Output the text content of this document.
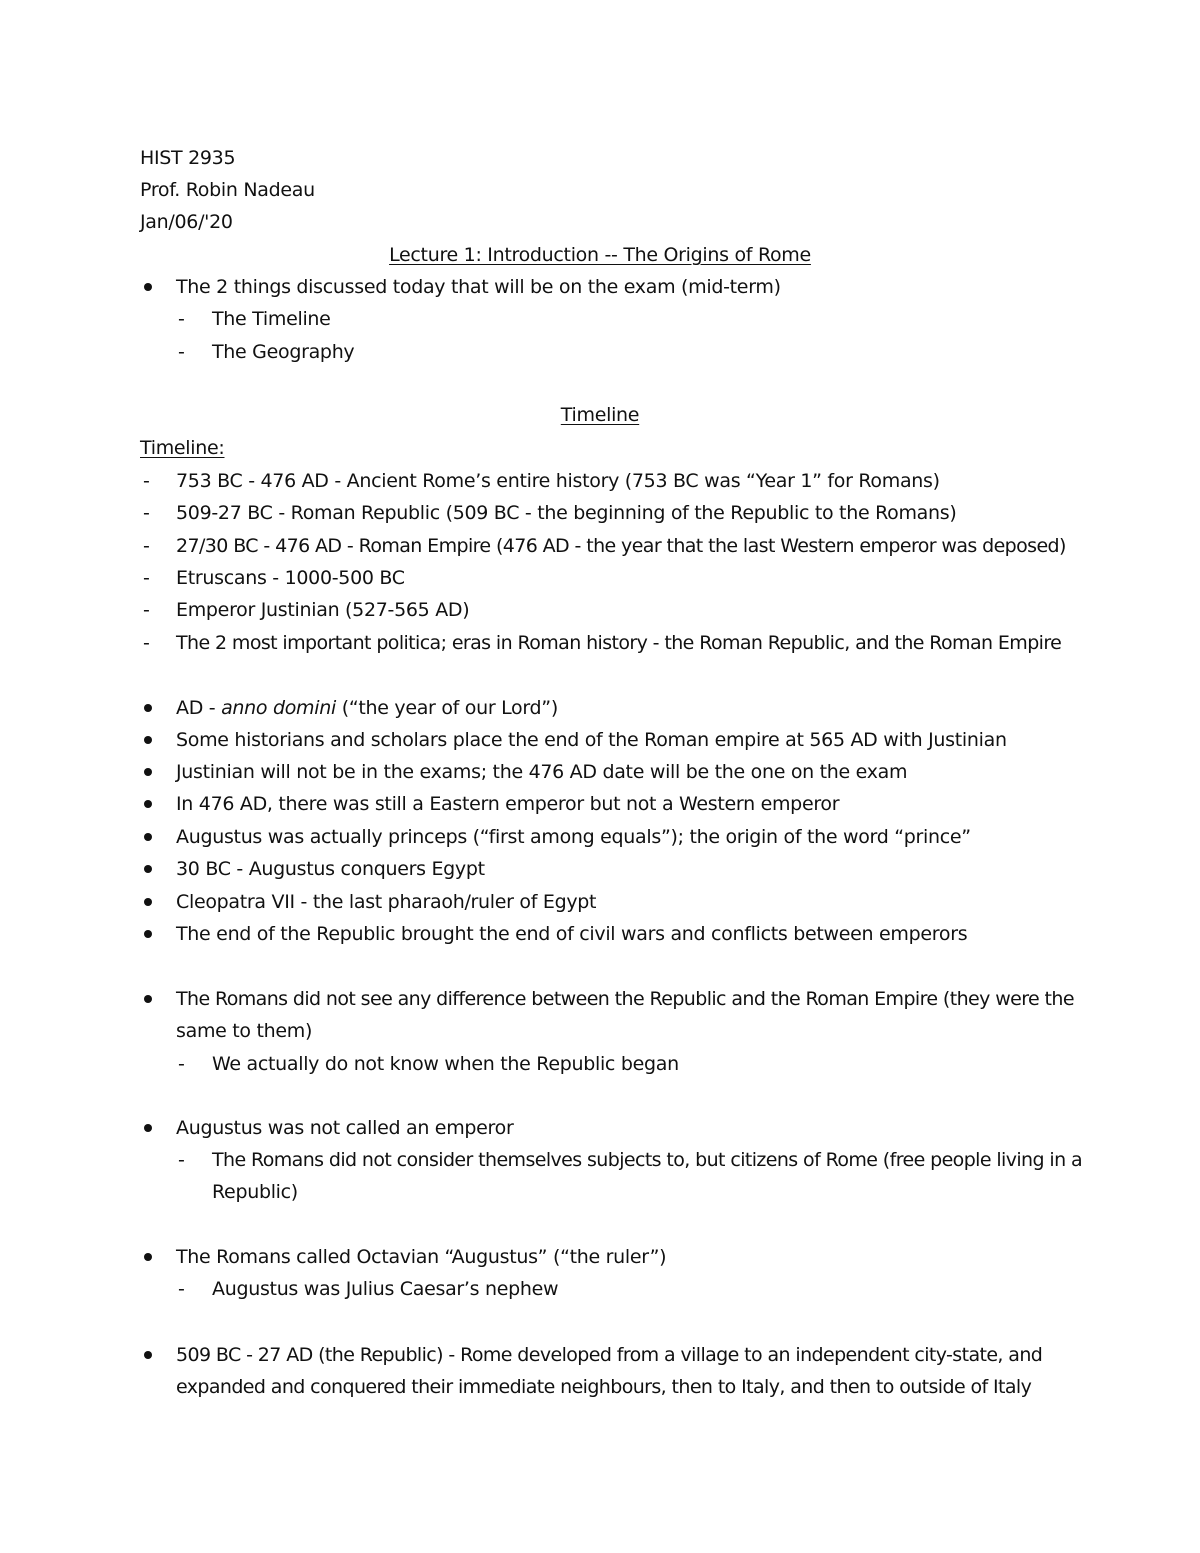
HIST 2935
Prof. Robin Nadeau
Jan/06/'20
Lecture 1: Introduction -- The Origins of Rome
The 2 things discussed today that will be on the exam (mid-term)
- The Timeline
- The Geography
Timeline
Timeline:
- 753 BC - 476 AD - Ancient Rome’s entire history (753 BC was “Year 1” for Romans)
- 509-27 BC - Roman Republic (509 BC - the beginning of the Republic to the Romans)
- 27/30 BC - 476 AD - Roman Empire (476 AD - the year that the last Western emperor was deposed)
- Etruscans - 1000-500 BC
- Emperor Justinian (527-565 AD)
- The 2 most important politica; eras in Roman history - the Roman Republic, and the Roman Empire
AD - anno domini (“the year of our Lord”)
Some historians and scholars place the end of the Roman empire at 565 AD with Justinian
Justinian will not be in the exams; the 476 AD date will be the one on the exam
In 476 AD, there was still a Eastern emperor but not a Western emperor
Augustus was actually princeps (“first among equals”); the origin of the word “prince”
30 BC - Augustus conquers Egypt
Cleopatra VII - the last pharaoh/ruler of Egypt
The end of the Republic brought the end of civil wars and conflicts between emperors
The Romans did not see any difference between the Republic and the Roman Empire (they were the
same to them)
- We actually do not know when the Republic began
Augustus was not called an emperor
- The Romans did not consider themselves subjects to, but citizens of Rome (free people living in a
Republic)
The Romans called Octavian “Augustus” (“the ruler”)
- Augustus was Julius Caesar’s nephew
509 BC - 27 AD (the Republic) - Rome developed from a village to an independent city-state, and
expanded and conquered their immediate neighbours, then to Italy, and then to outside of Italy
